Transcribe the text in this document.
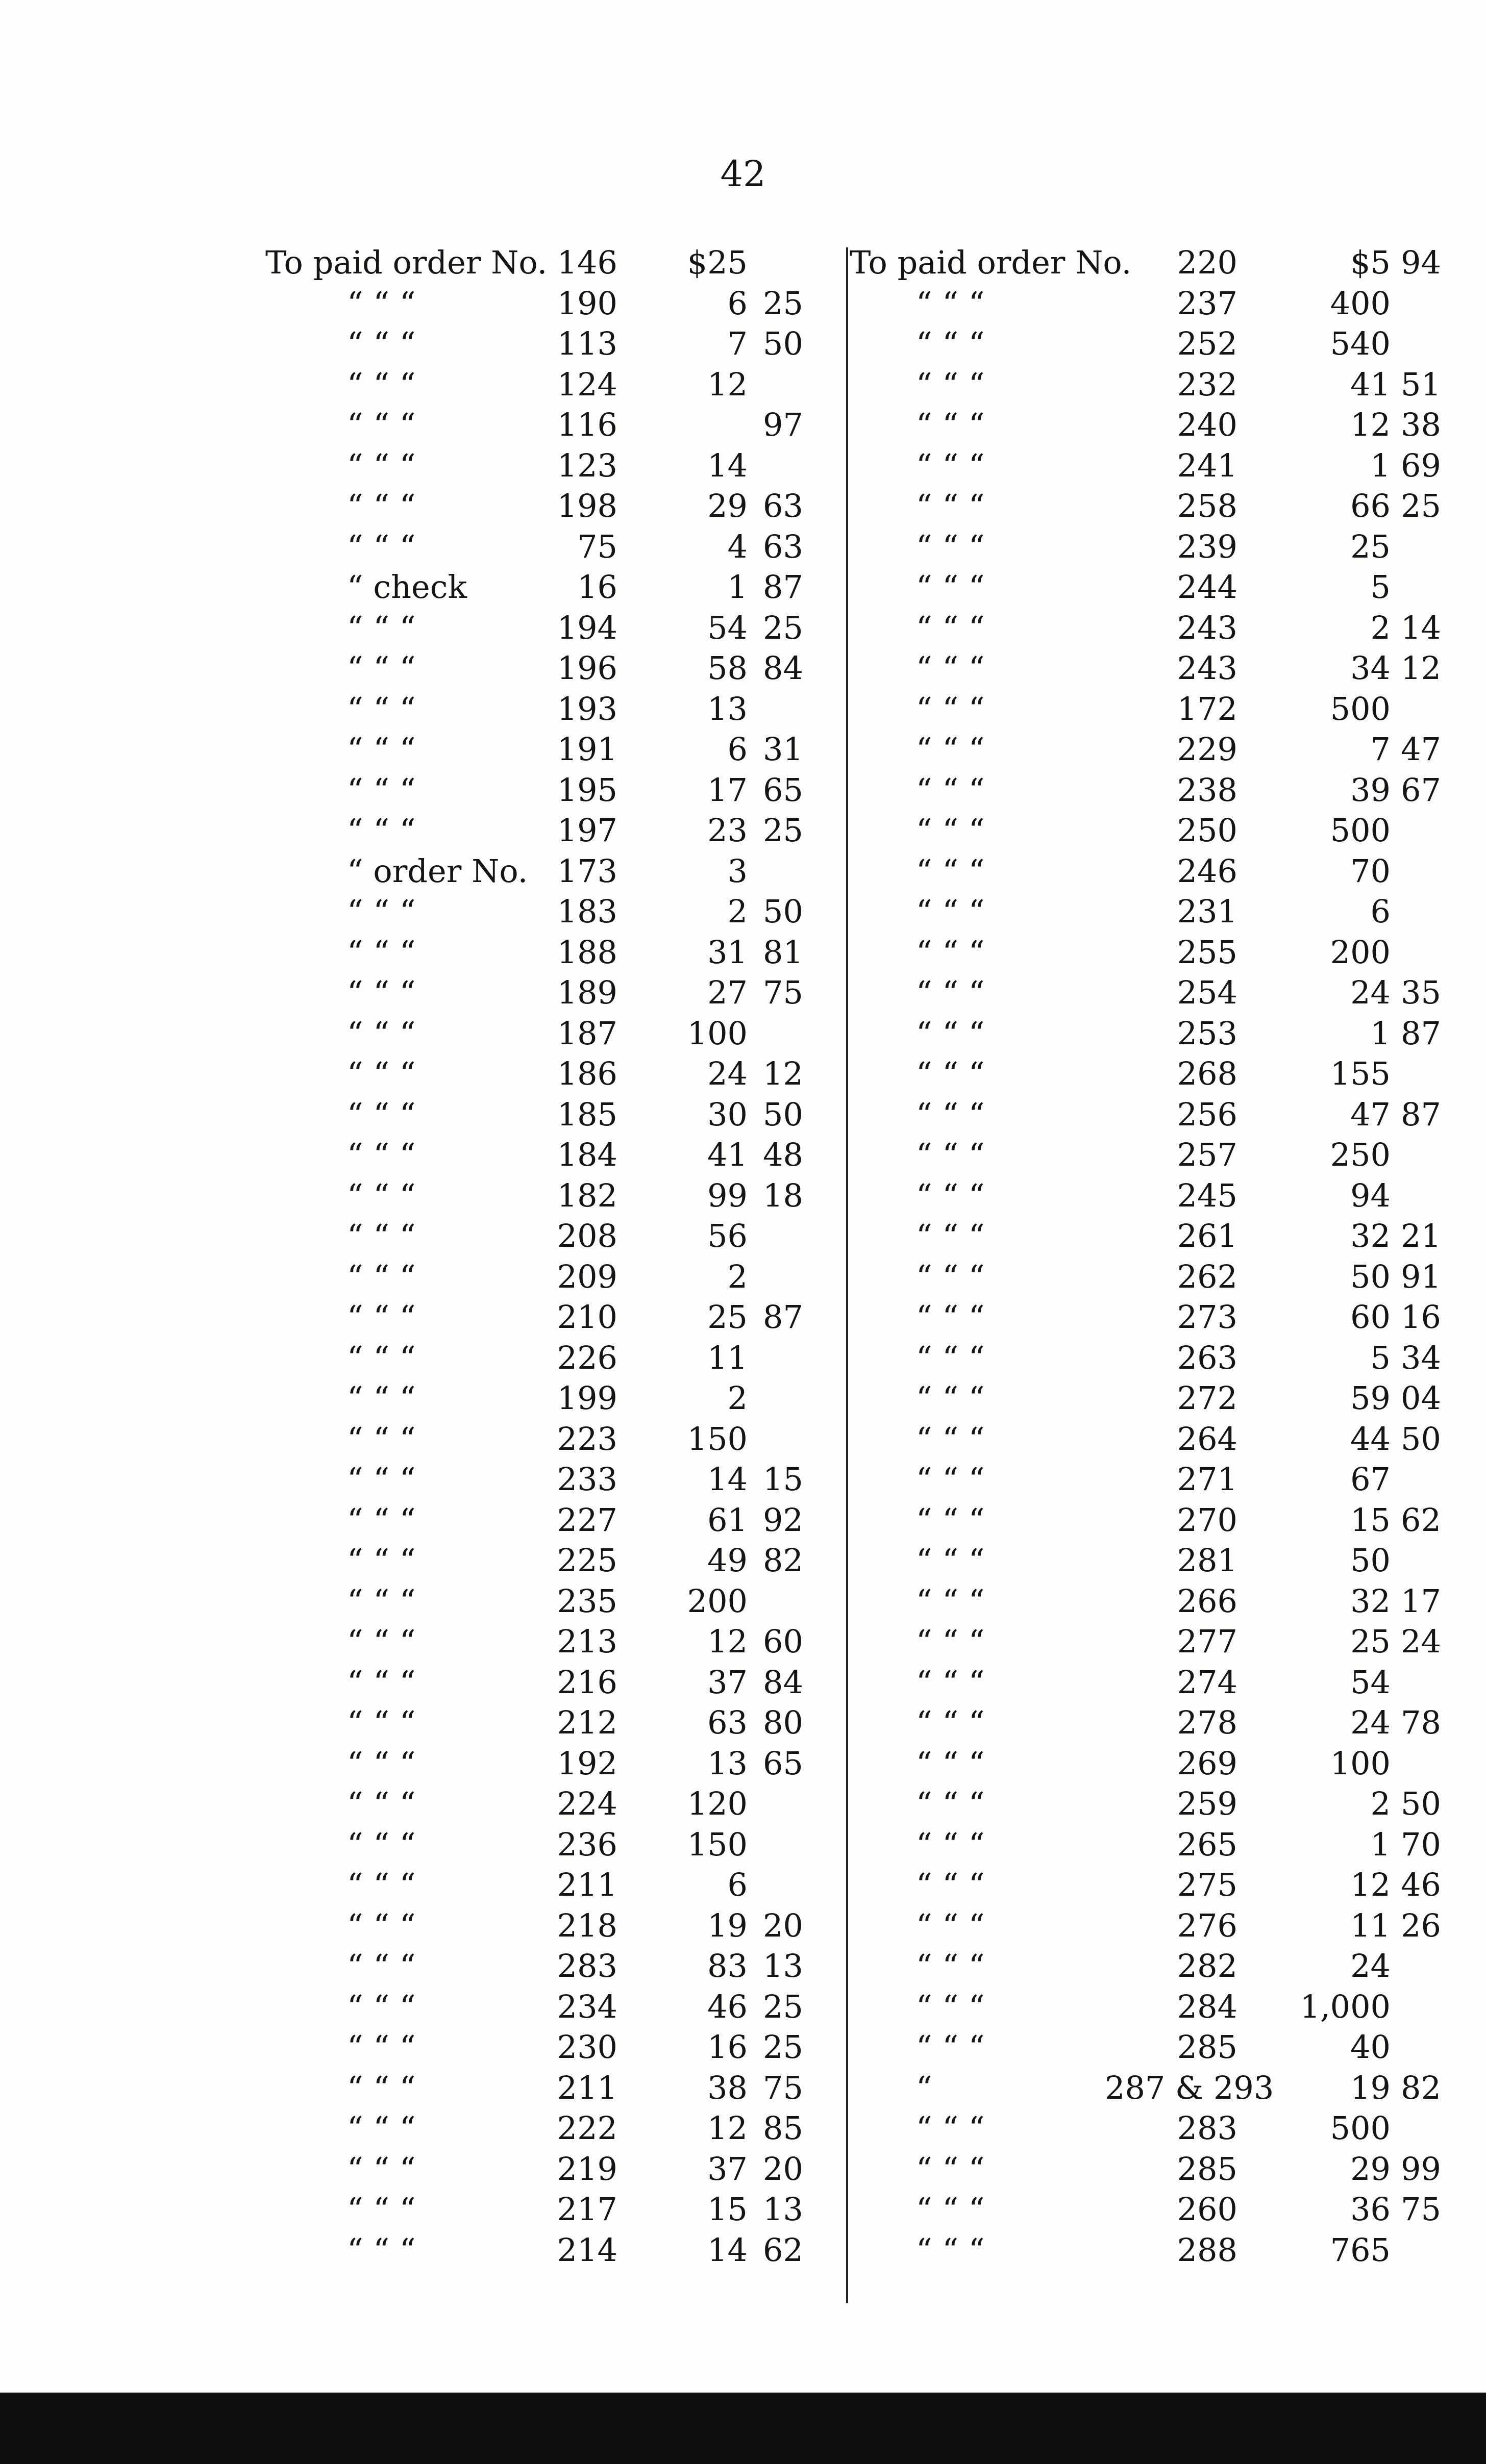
42
To paid order No. 146	$25
“ “ “	190	6 25
“ “ “	113	7 50
“ “ “	124	12
“ “ “	116	97
“ “ “	123	14
“ “ “	198	29 63
“ “ “	75	4 63
“ check	16	1 87
“ “ “	194	54 25
“ “ “	196	58 84
“ “ “	193	13
“ “ “	191	6 31
“ “ “	195	17 65
“ “ “	197	23 25
“ order No. 173	3
“ “ “	183	2 50
“ “ “	188	31 81
“ “ “	189	27 75
“ “ “	187	100
“ “ “	186	24 12
“ “ “	185	30 50
“ “ “	184	41 48
“ “ “	182	99 18
“ “ “	208	56
“ “ “	209	2
“ “ “	210	25 87
“ “ “	226	11
“ “ “	199	2
“ “ “	223	150
“ “ “	233	14 15
“ “ “	227	61 92
“ “ “	225	49 82
“ “ “	235	200
“ “ “	213	12 60
“ “ “	216	37 84
“ “ “	212	63 80
“ “ “	192	13 65
“ “ “	224	120
“ “ “	236	150
“ “ “	211	6
“ “ “	218	19 20
“ “ “	283	83 13
“ “ “	234	46 25
“ “ “	230	16 25
“ “ “	211	38 75
“ “ “	222	12 85
“ “ “	219	37 20
“ “ “	217	15 13
“ “ “	214	14 62
To paid order No.	220	$5 94
“ “ “	237	400
“ “ “	252	540
“ “ “	232	41 51
“ “ “	240	12 38
“ “ “	241	1 69
“ “ “	258	66 25
“ “ “	239	25
“ “ “	244	5
“ “ “	243	2 14
“ “ “	243	34 12
“ “ “	172	500
“ “ “	229	7 47
“ “ “	238	39 67
“ “ “	250	500
“ “ “	246	70
“ “ “	231	6
“ “ “	255	200
“ “ “	254	24 35
“ “ “	253	1 87
“ “ “	268	155
“ “ “	256	47 87
“ “ “	257	250
“ “ “	245	94
“ “ “	261	32 21
“ “ “	262	50 91
“ “ “	273	60 16
“ “ “	263	5 34
“ “ “	272	59 04
“ “ “	264	44 50
“ “ “	271	67
“ “ “	270	15 62
“ “ “	281	50
“ “ “	266	32 17
“ “ “	277	25 24
“ “ “	274	54
“ “ “	278	24 78
“ “ “	269	100
“ “ “	259	2 50
“ “ “	265	1 70
“ “ “	275	12 46
“ “ “	276	11 26
“ “ “	282	24
“ “ “	284	1,000
“ “ “	285	40
“	287 & 293	19 82
“ “ “	283	500
“ “ “	285	29 99
“ “ “	260	36 75
“ “ “	288	765
